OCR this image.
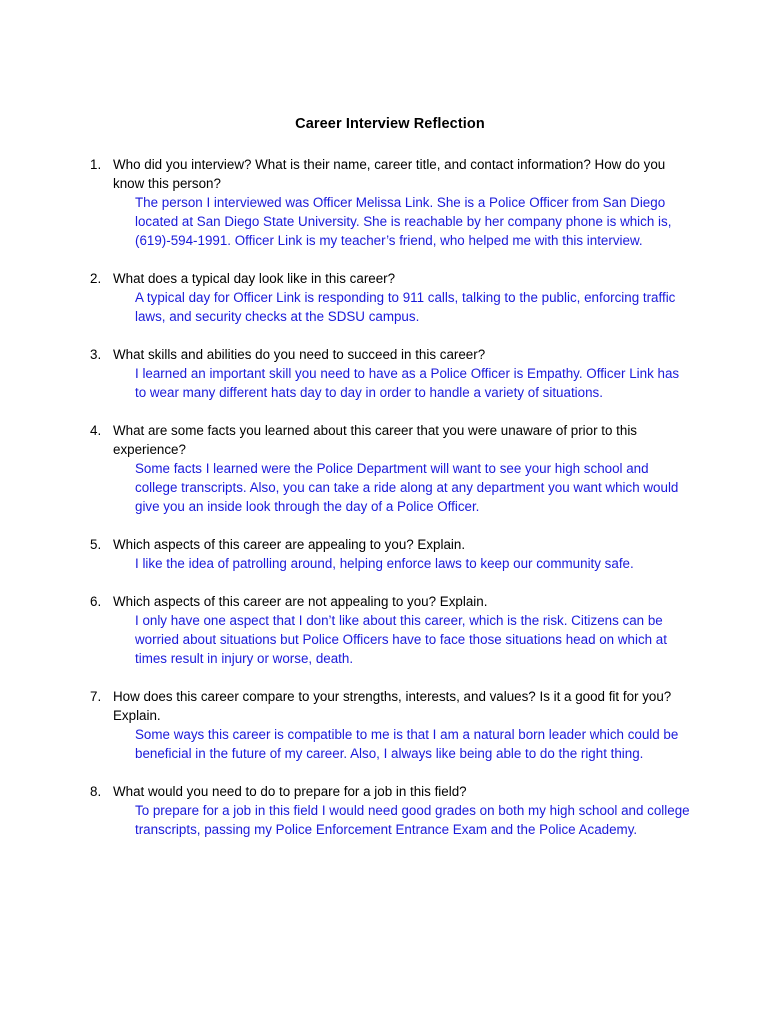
Career Interview Reflection
1. Who did you interview? What is their name, career title, and contact information? How do you know this person?
The person I interviewed was Officer Melissa Link. She is a Police Officer from San Diego located at San Diego State University. She is reachable by her company phone is which is, (619)-594-1991. Officer Link is my teacher’s friend, who helped me with this interview.
2. What does a typical day look like in this career?
A typical day for Officer Link is responding to 911 calls, talking to the public, enforcing traffic laws, and security checks at the SDSU campus.
3. What skills and abilities do you need to succeed in this career?
I learned an important skill you need to have as a Police Officer is Empathy. Officer Link has to wear many different hats day to day in order to handle a variety of situations.
4. What are some facts you learned about this career that you were unaware of prior to this experience?
Some facts I learned were the Police Department will want to see your high school and college transcripts. Also, you can take a ride along at any department you want which would give you an inside look through the day of a Police Officer.
5. Which aspects of this career are appealing to you? Explain.
I like the idea of patrolling around, helping enforce laws to keep our community safe.
6. Which aspects of this career are not appealing to you? Explain.
I only have one aspect that I don’t like about this career, which is the risk. Citizens can be worried about situations but Police Officers have to face those situations head on which at times result in injury or worse, death.
7. How does this career compare to your strengths, interests, and values? Is it a good fit for you? Explain.
Some ways this career is compatible to me is that I am a natural born leader which could be beneficial in the future of my career. Also, I always like being able to do the right thing.
8. What would you need to do to prepare for a job in this field?
To prepare for a job in this field I would need good grades on both my high school and college transcripts, passing my Police Enforcement Entrance Exam and the Police Academy.
